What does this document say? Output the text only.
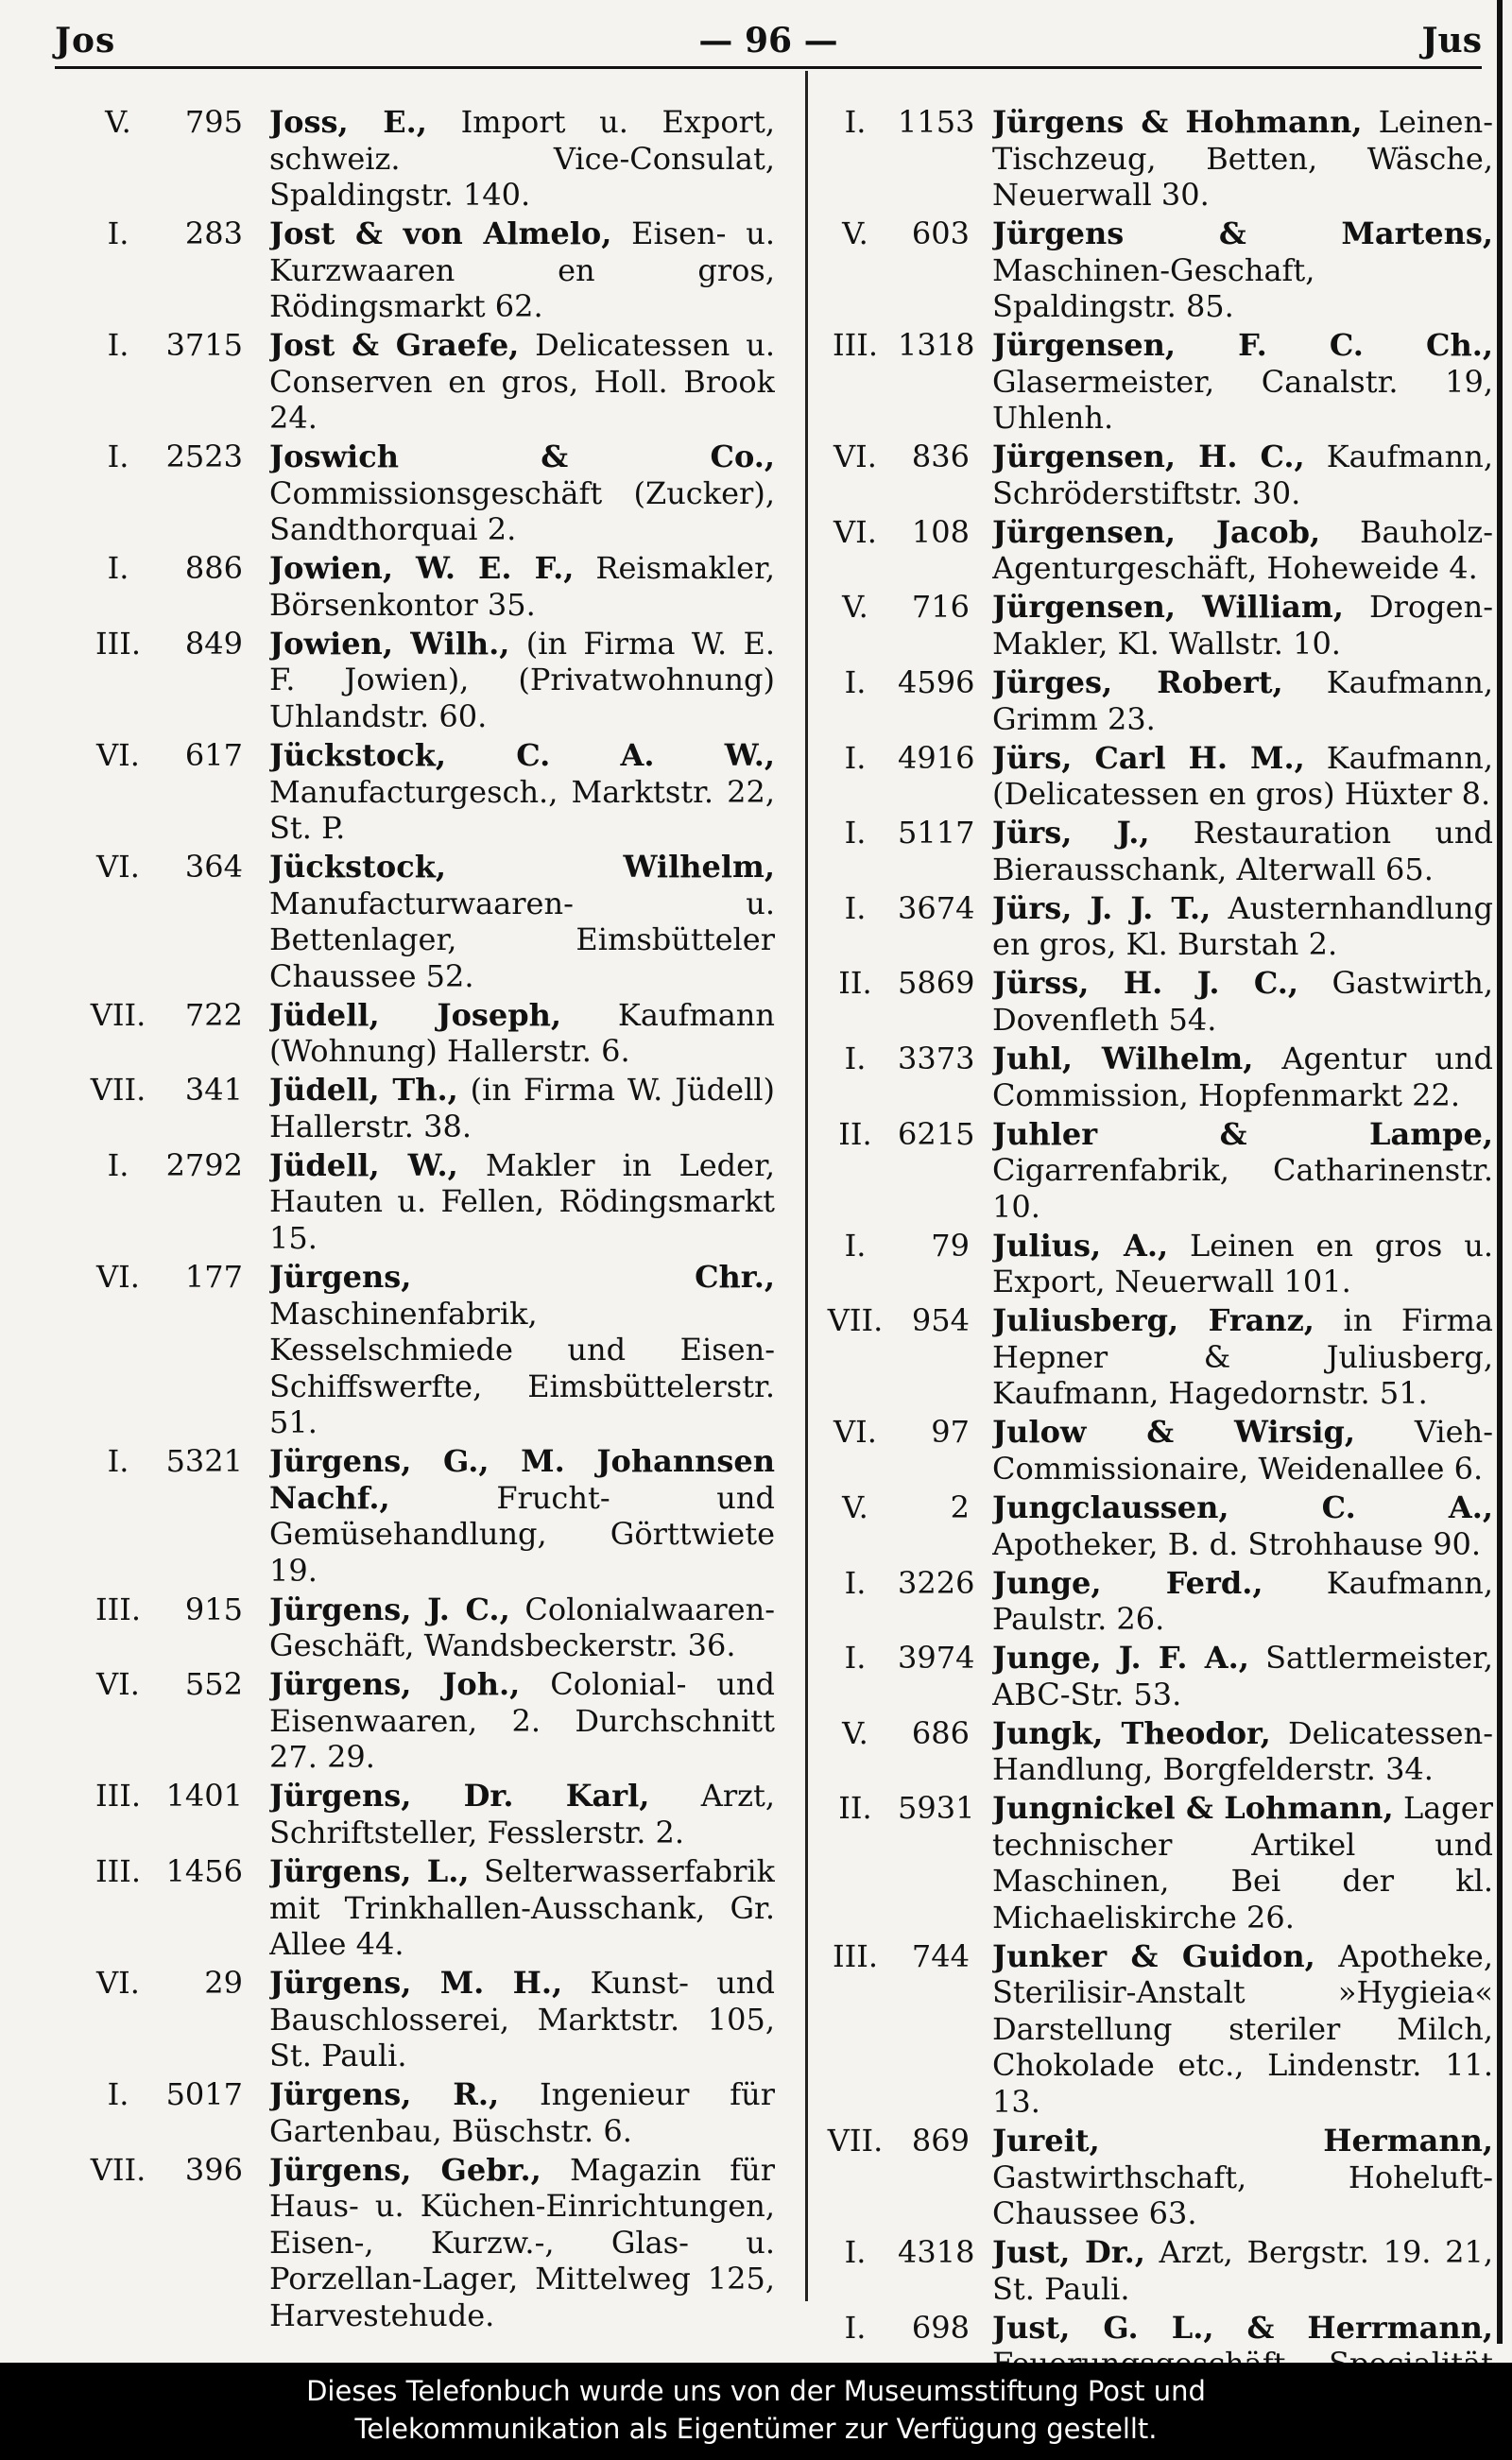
Jos	— 96 —	Jus
V.	795 Joss, E., Import u. Export, schweiz. Vice-Consulat, Spaldingstr. 140.
I.	283 Jost & von Almelo, Eisen- u. Kurzwaaren en gros, Rödingsmarkt 62.
I.	3715 Jost & Graefe, Delicatessen u. Conserven en gros, Holl. Brook 24.
I.	2523 Joswich & Co., Commissionsgeschäft (Zucker), Sandthorquai 2.
I.	886 Jowien, W. E. F., Reismakler, Börsenkontor 35.
III.	849 Jowien, Wilh., (in Firma W. E. F. Jowien), (Privatwohnung) Uhlandstr. 60.
VI.	617 Jückstock, C. A. W., Manufacturgesch., Marktstr. 22, St. P.
VI.	364 Jückstock, Wilhelm, Manufacturwaaren- u. Bettenlager, Eimsbütteler Chaussee 52.
VII.	722 Jüdell, Joseph, Kaufmann (Wohnung) Hallerstr. 6.
VII.	341 Jüdell, Th., (in Firma W. Jüdell) Hallerstr. 38.
I.	2792 Jüdell, W., Makler in Leder, Hauten u. Fellen, Rödingsmarkt 15.
VI.	177 Jürgens, Chr., Maschinenfabrik, Kesselschmiede und Eisen-Schiffswerfte, Eimsbüttelerstr. 51.
I.	5321 Jürgens, G., M. Johannsen Nachf.,	Frucht- und Gemüsehandlung, Görttwiete 19.
III.	915 Jürgens, J. C., Colonialwaaren-Geschäft, Wandsbeckerstr. 36.
VI.	552 Jürgens, Joh., Colonial- und Eisenwaaren, 2. Durchschnitt 27. 29.
III. 1401 Jürgens, Dr. Karl, Arzt, Schriftsteller, Fesslerstr. 2.
III. 1456 Jürgens, L., Selterwasserfabrik mit Trinkhallen-Ausschank, Gr. Allee 44.
VI.	29 Jürgens, M. H., Kunst- und Bauschlosserei, Marktstr. 105, St. Pauli.
I.	5017 Jürgens, R., Ingenieur für Gartenbau, Büschstr. 6.
VII.	396 Jürgens, Gebr., Magazin für Haus- u. Küchen-Einrichtungen, Eisen-, Kurzw.-, Glas- u. Porzellan-Lager, Mittelweg 125, Harvestehude.
I.	1153 Jürgens & Hohmann, Leinen-Tischzeug, Betten, Wäsche, Neuerwall 30.
V.	603 Jürgens & Martens, Maschinen-Geschaft, Spaldingstr. 85.
III. 1318 Jürgensen, F. C. Ch., Glasermeister, Canalstr. 19, Uhlenh.
VI.	836 Jürgensen, H. C., Kaufmann, Schröderstiftstr. 30.
VI.	108 Jürgensen, Jacob, Bauholz-Agenturgeschäft, Hoheweide 4.
V.	716 Jürgensen, William, Drogen-Makler, Kl. Wallstr. 10.
I.	4596 Jürges, Robert, Kaufmann, Grimm 23.
I.	4916 Jürs, Carl H. M., Kaufmann, (Delicatessen en gros) Hüxter 8.
I.	5117 Jürs, J., Restauration und Bierausschank, Alterwall 65.
I.	3674 Jürs, J. J. T., Austernhandlung en gros, Kl. Burstah 2.
II. 5869 Jürss, H. J. C., Gastwirth, Dovenfleth 54.
I.	3373 Juhl, Wilhelm, Agentur und Commission, Hopfenmarkt 22.
II. 6215 Juhler & Lampe, Cigarrenfabrik, Catharinenstr. 10.
I.	79 Julius, A., Leinen en gros u. Export, Neuerwall 101.
VII. 954 Juliusberg, Franz, in Firma Hepner & Juliusberg, Kaufmann, Hagedornstr. 51.
VI.	97 Julow & Wirsig, Vieh-Commissionaire, Weidenallee 6.
V.	2 Jungclaussen, C. A., Apotheker, B. d. Strohhause 90.
I.	3226 Junge, Ferd., Kaufmann, Paulstr. 26.
I.	3974 Junge, J. F. A., Sattlermeister, ABC-Str. 53.
V.	686 Jungk, Theodor, Delicatessen-Handlung, Borgfelderstr. 34.
II. 5931 Jungnickel & Lohmann, Lager technischer Artikel und Maschinen, Bei der kl. Michaeliskirche 26.
III.	744 Junker & Guidon, Apotheke, Sterilisir-Anstalt »Hygieia« Darstellung steriler Milch, Chokolade etc., Lindenstr. 11. 13.
VII. 869 Jureit, Hermann, Gastwirthschaft, Hoheluft-Chaussee 63.
I.	4318 Just, Dr., Arzt, Bergstr. 19. 21, St. Pauli.
I.	698 Just, G. L., & Herrmann,
Dieses Telefonbuch wurde uns von der Museumsstiftung Post und
Telekommunikation als Eigentümer zur Verfügung gestellt.
